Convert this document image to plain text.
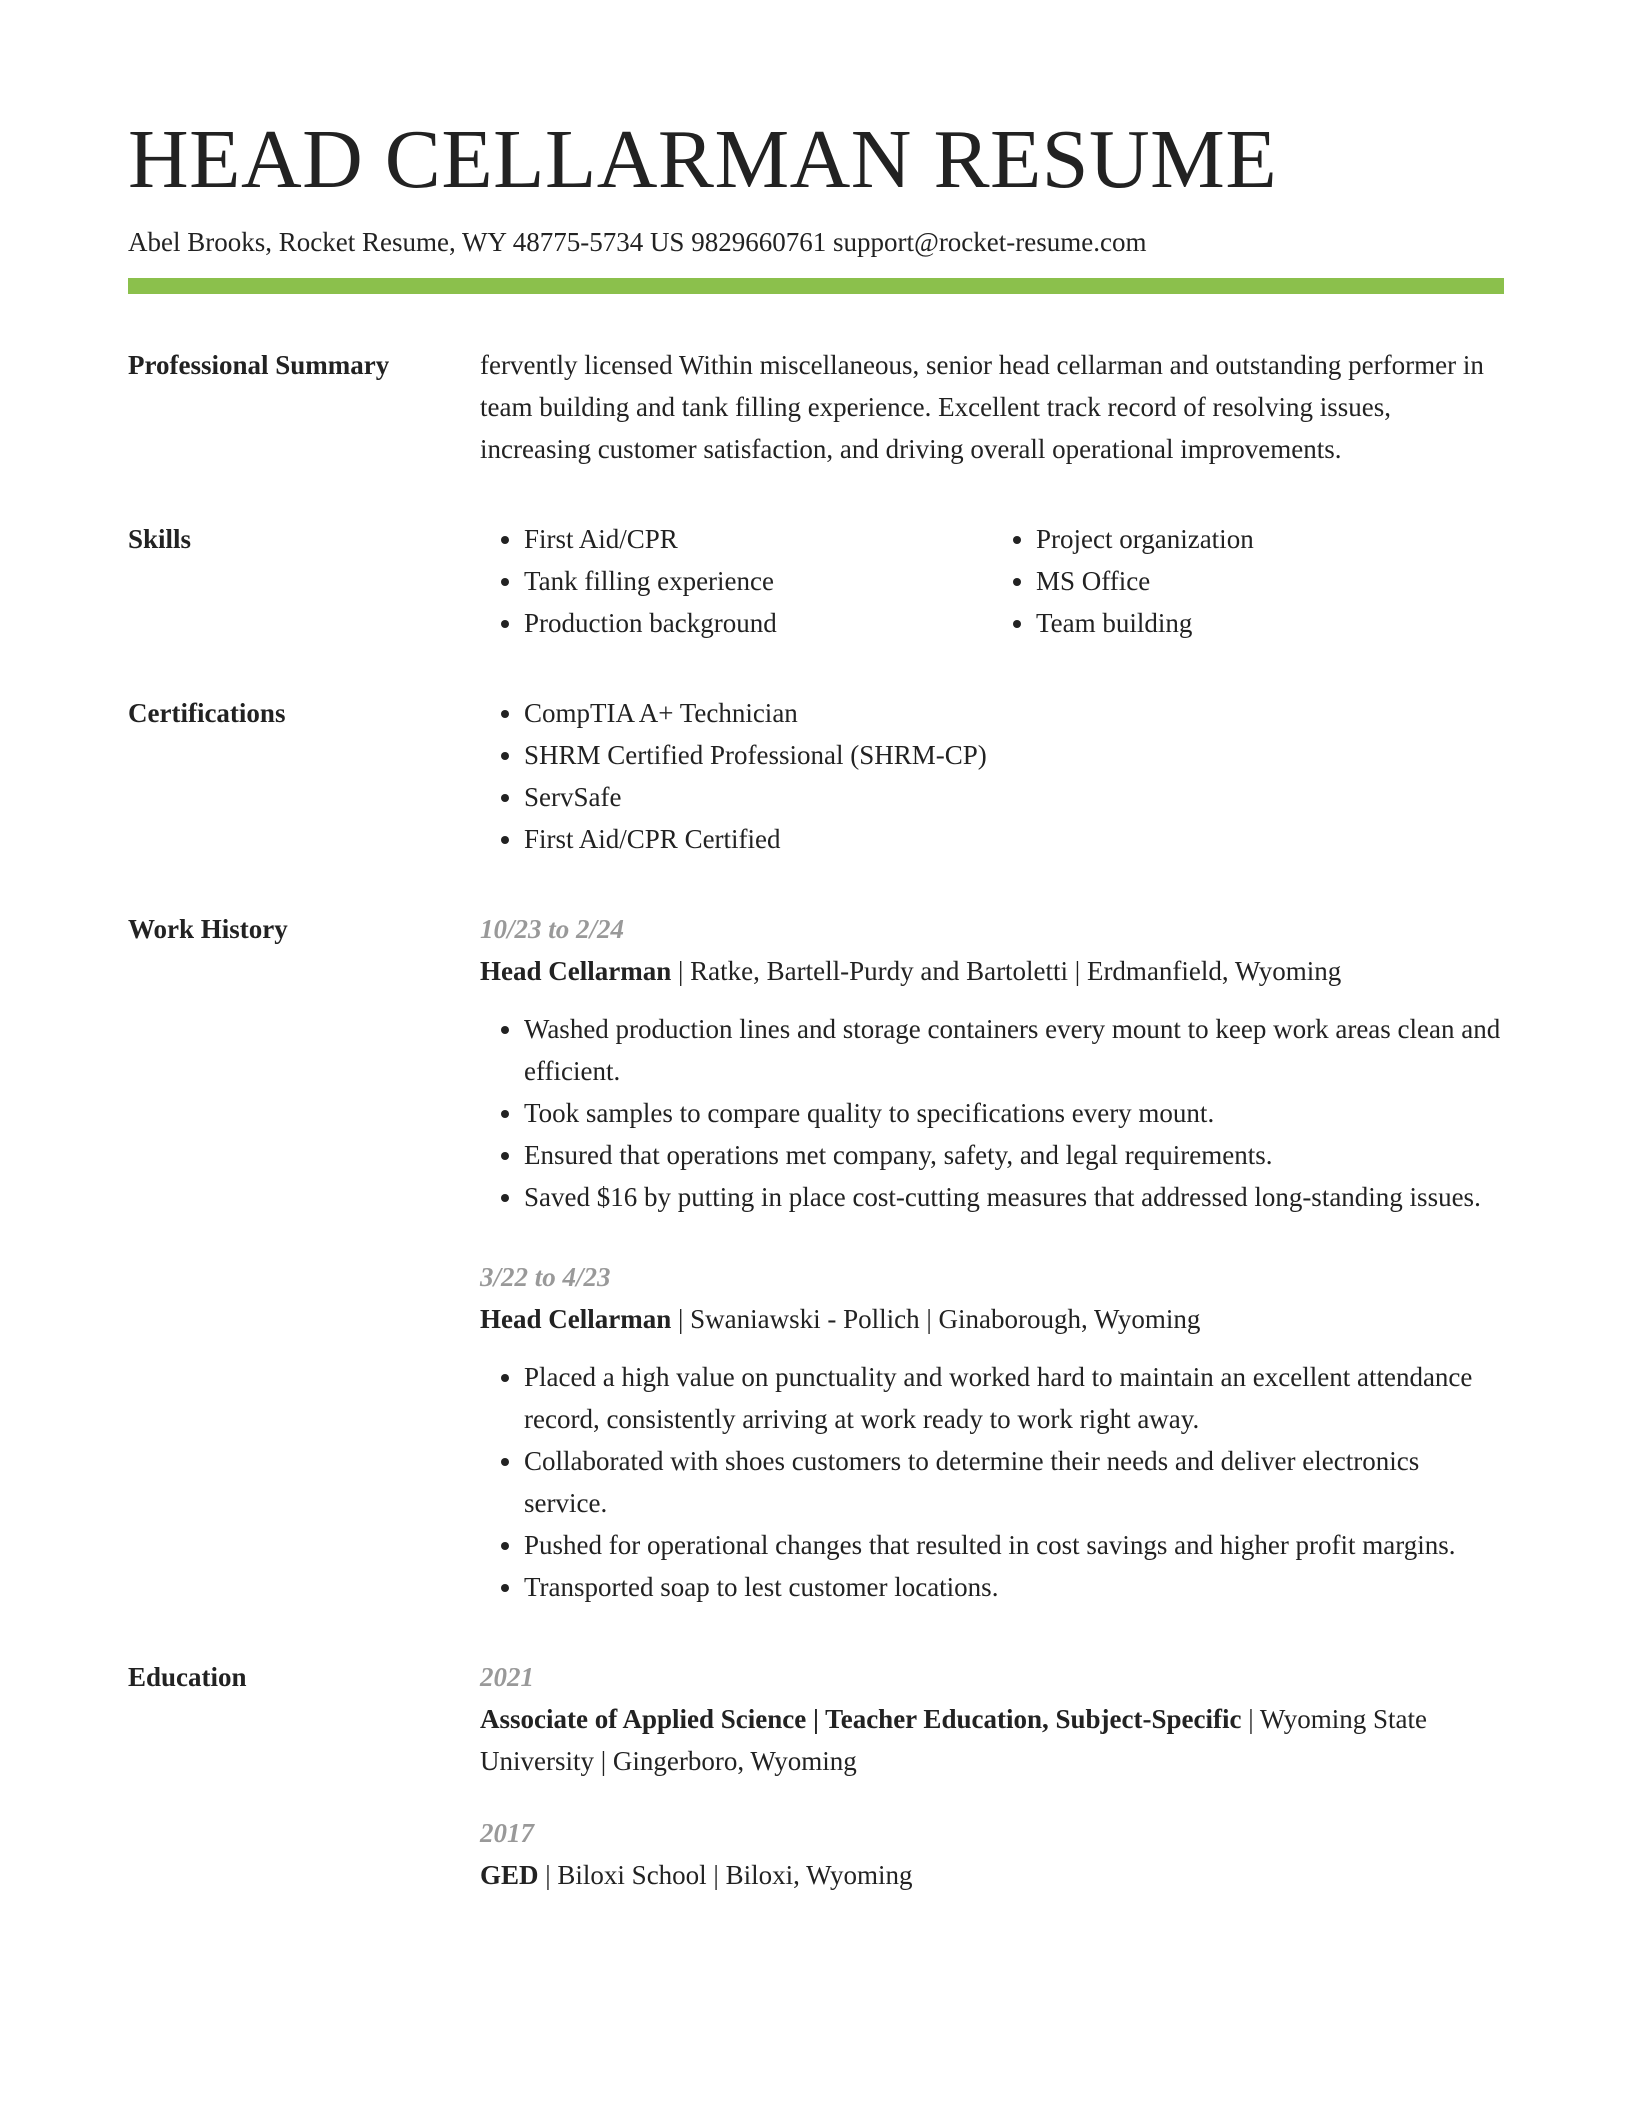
HEAD CELLARMAN RESUME
Abel Brooks, Rocket Resume, WY 48775-5734 US 9829660761 support@rocket-resume.com
Professional Summary	fervently licensed Within miscellaneous, senior head cellarman and outstanding performer in team building and tank filling experience. Excellent track record of resolving issues, increasing customer satisfaction, and driving overall operational improvements.

Skills	• First Aid/CPR
• Tank filling experience
• Production background
• Project organization
• MS Office
• Team building
Certifications	• CompTIA A+ Technician
• SHRM Certified Professional (SHRM-CP)
• ServSafe
• First Aid/CPR Certified
Work History	10/23 to 2/24
Head Cellarman | Ratke, Bartell-Purdy and Bartoletti | Erdmanfield, Wyoming
• Washed production lines and storage containers every mount to keep work areas clean and efficient.
• Took samples to compare quality to specifications every mount.
• Ensured that operations met company, safety, and legal requirements.
• Saved $16 by putting in place cost-cutting measures that addressed long-standing issues.
3/22 to 4/23
Head Cellarman | Swaniawski - Pollich | Ginaborough, Wyoming
• Placed a high value on punctuality and worked hard to maintain an excellent attendance record, consistently arriving at work ready to work right away.
• Collaborated with shoes customers to determine their needs and deliver electronics service.
• Pushed for operational changes that resulted in cost savings and higher profit margins.
• Transported soap to lest customer locations.
Education	2021
Associate of Applied Science | Teacher Education, Subject-Specific | Wyoming State University | Gingerboro, Wyoming
2017
GED | Biloxi School | Biloxi, Wyoming
